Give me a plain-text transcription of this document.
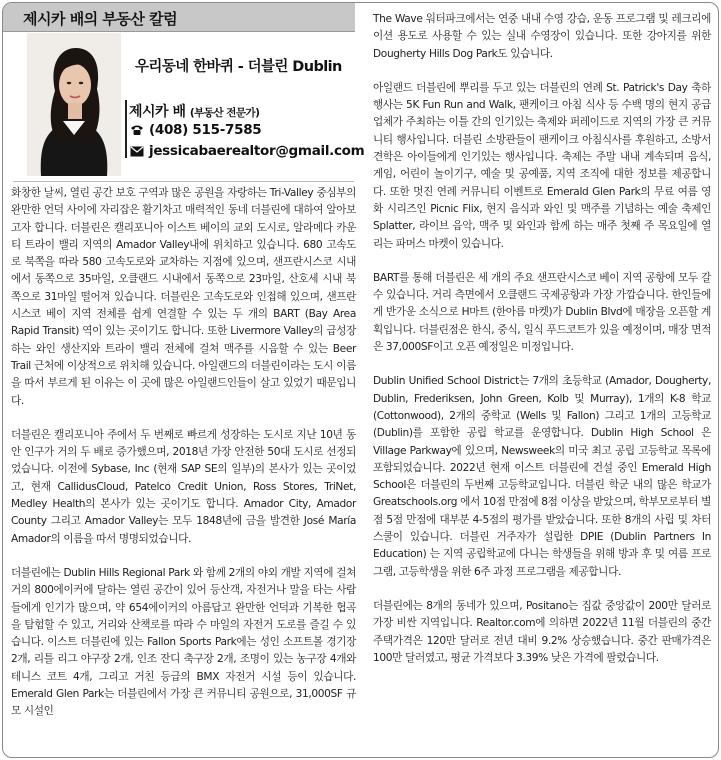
제시카 배의 부동산 칼럼
우리동네 한바퀴 - 더블린 Dublin
제시카 배 (부동산 전문가)
(408) 515-7585
jessicabaerealtor@gmail.com

화창한 날씨, 열린 공간 보호 구역과 많은 공원을 자랑하는 Tri-Valley 중심부의 완만한 언덕 사이에 자리잡은 활기차고 매력적인 동네 더블린에 대하여 알아보고자 합니다. 더블린은 캘리포니아 이스트 베이의 교외 도시로, 알라메다 카운티 트라이 밸리 지역의 Amador Valley내에 위치하고 있습니다. 680 고속도로 북쪽을 따라 580 고속도로와 교차하는 지점에 있으며, 샌프란시스코 시내에서 동쪽으로 35마일, 오클랜드 시내에서 동쪽으로 23마일, 산호세 시내 북쪽으로 31마일 떨어져 있습니다. 더블린은 고속도로와 인접해 있으며, 샌프란시스코 베이 지역 전체를 쉽게 연결할 수 있는 두 개의 BART (Bay Area Rapid Transit) 역이 있는 곳이기도 합니다. 또한 Livermore Valley의 급성장하는 와인 생산지와 트라이 밸리 전체에 걸쳐 맥주를 시음할 수 있는 Beer Trail 근처에 이상적으로 위치해 있습니다. 아일랜드의 더블린이라는 도시 이름을 따서 부르게 된 이유는 이 곳에 많은 아일랜드인들이 살고 있었기 때문입니다.

더블린은 캘리포니아 주에서 두 번째로 빠르게 성장하는 도시로 지난 10년 동안 인구가 거의 두 배로 증가했으며, 2018년 가장 안전한 50대 도시로 선정되었습니다. 이전에 Sybase, Inc (현재 SAP SE의 일부)의 본사가 있는 곳이었고, 현재 CallidusCloud, Patelco Credit Union, Ross Stores, TriNet, Medley Health의 본사가 있는 곳이기도 합니다. Amador City, Amador County 그리고 Amador Valley는 모두 1848년에 금을 발견한 José María Amador의 이름을 따서 명명되었습니다.

더블린에는 Dublin Hills Regional Park 와 함께 2개의 야외 개발 지역에 걸쳐 거의 800에이커에 달하는 열린 공간이 있어 등산객, 자전거나 말을 타는 사람들에게 인기가 많으며, 약 654에이커의 아름답고 완만한 언덕과 기복한 협곡을 탐험할 수 있고, 거리와 산책로를 따라 수 마일의 자전거 도로를 즐길 수 있습니다. 이스트 더블린에 있는 Fallon Sports Park에는 성인 소프트볼 경기장 2개, 리틀 리그 야구장 2개, 인조 잔디 축구장 2개, 조명이 있는 농구장 4개와 테니스 코트 4개, 그리고 거친 등급의 BMX 자전거 시설 등이 있습니다. Emerald Glen Park는 더블린에서 가장 큰 커뮤니티 공원으로, 31,000SF 규모 시설인

The Wave 워터파크에서는 연중 내내 수영 강습, 운동 프로그램 및 레크리에이션 용도로 사용할 수 있는 실내 수영장이 있습니다. 또한 강아지를 위한 Dougherty Hills Dog Park도 있습니다.

아일랜드 더블린에 뿌리를 두고 있는 더블린의 연례 St. Patrick's Day 축하 행사는 5K Fun Run and Walk, 팬케이크 아침 식사 등 수백 명의 현지 공급업체가 주최하는 이틀 간의 인기있는 축제와 퍼레이드로 지역의 가장 큰 커뮤니티 행사입니다. 더블린 소방관들이 팬케이크 아침식사를 후원하고, 소방서 견학은 아이들에게 인기있는 행사입니다. 축제는 주말 내내 계속되며 음식, 게임, 어린이 놀이기구, 예술 및 공예품, 지역 조직에 대한 정보를 제공합니다. 또한 멋진 연례 커뮤니티 이벤트로 Emerald Glen Park의 무료 여름 영화 시리즈인 Picnic Flix, 현지 음식과 와인 및 맥주를 기념하는 예술 축제인 Splatter, 라이브 음악, 맥주 및 와인과 함께 하는 매주 첫째 주 목요일에 열리는 파머스 마켓이 있습니다.

BART를 통해 더블린은 세 개의 주요 샌프란시스코 베이 지역 공항에 모두 갈 수 있습니다. 거리 측면에서 오클랜드 국제공항과 가장 가깝습니다. 한인들에게 반가운 소식으로 H마트 (한아름 마켓)가 Dublin Blvd에 매장을 오픈할 계획입니다. 더블린점은 한식, 중식, 일식 푸드코트가 있을 예정이며, 매장 면적은 37,000SF이고 오픈 예정일은 미정입니다.

Dublin Unified School District는 7개의 초등학교 (Amador, Dougherty, Dublin, Frederiksen, John Green, Kolb 및 Murray), 1개의 K-8 학교 (Cottonwood), 2개의 중학교 (Wells 및 Fallon) 그리고 1개의 고등학교 (Dublin)를 포함한 공립 학교를 운영합니다. Dublin High School 은 Village Parkway에 있으며, Newsweek의 미국 최고 공립 고등학교 목록에 포함되었습니다. 2022년 현재 이스트 더블린에 건설 중인 Emerald High School은 더블린의 두번째 고등학교입니다. 더블린 학군 내의 많은 학교가 Greatschools.org 에서 10점 만점에 8점 이상을 받았으며, 학부모로부터 별점 5점 만점에 대부분 4-5점의 평가를 받았습니다. 또한 8개의 사립 및 차터 스쿨이 있습니다. 더블린 거주자가 설립한 DPIE (Dublin Partners In Education) 는 지역 공립학교에 다니는 학생들을 위해 방과 후 및 여름 프로그램, 고등학생을 위한 6주 과정 프로그램을 제공합니다.

더블린에는 8개의 동네가 있으며, Positano는 집값 중앙값이 200만 달러로 가장 비싼 지역입니다. Realtor.com에 의하면 2022년 11월 더블린의 중간 주택가격은 120만 달러로 전년 대비 9.2% 상승했습니다. 중간 판매가격은 100만 달러였고, 평균 가격보다 3.39% 낮은 가격에 팔렸습니다.
